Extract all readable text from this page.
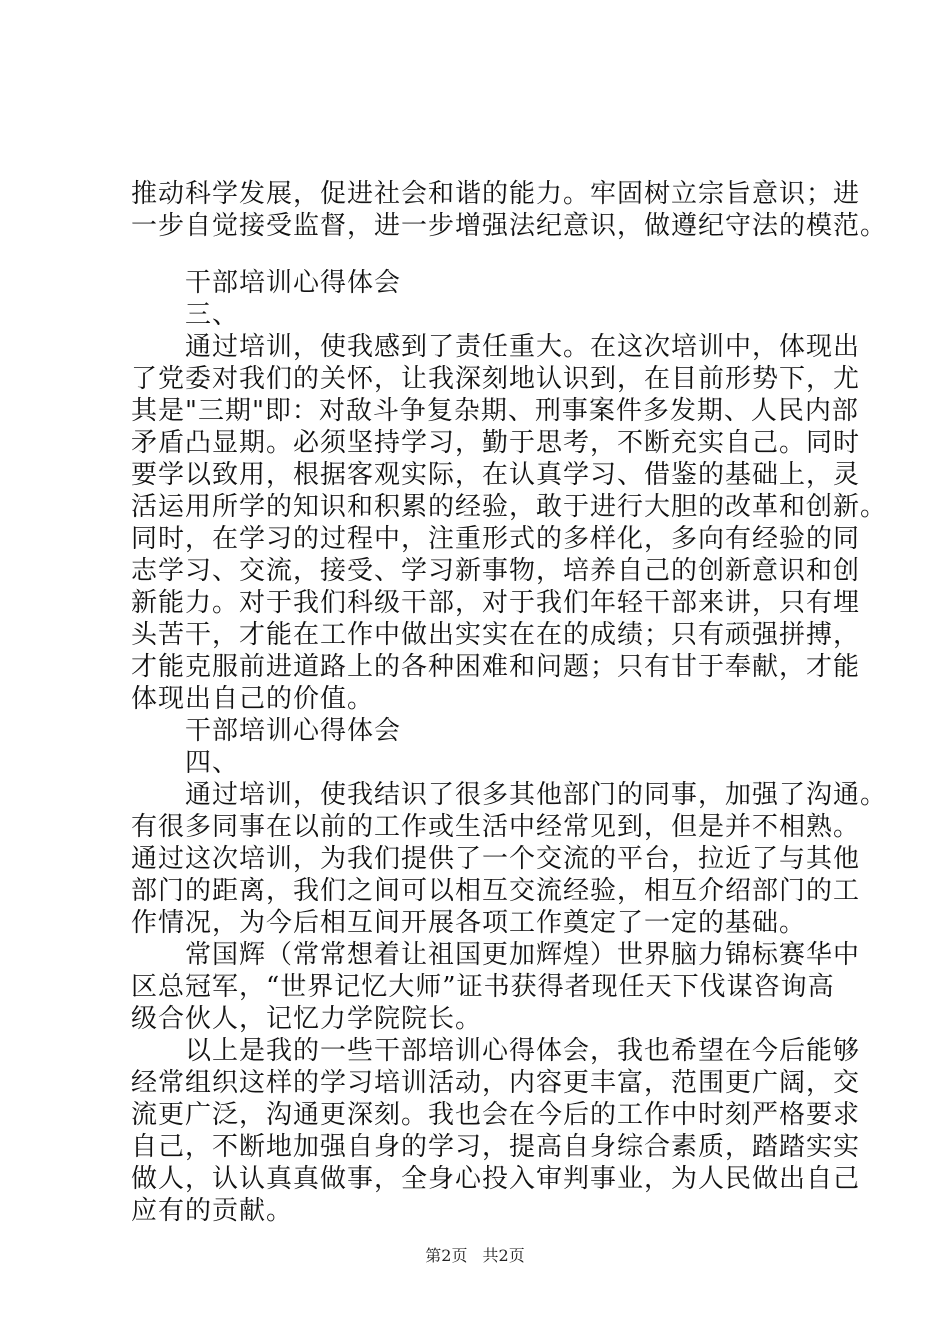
推动科学发展，促进社会和谐的能力。牢固树立宗旨意识；进
一步自觉接受监督，进一步增强法纪意识，做遵纪守法的模范。
干部培训心得体会
三、
通过培训，使我感到了责任重大。在这次培训中，体现出
了党委对我们的关怀，让我深刻地认识到，在目前形势下，尤
其是"三期"即：对敌斗争复杂期、刑事案件多发期、人民内部
矛盾凸显期。必须坚持学习，勤于思考，不断充实自己。同时
要学以致用，根据客观实际，在认真学习、借鉴的基础上，灵
活运用所学的知识和积累的经验，敢于进行大胆的改革和创新。
同时，在学习的过程中，注重形式的多样化，多向有经验的同
志学习、交流，接受、学习新事物，培养自己的创新意识和创
新能力。对于我们科级干部，对于我们年轻干部来讲，只有埋
头苦干，才能在工作中做出实实在在的成绩；只有顽强拼搏，
才能克服前进道路上的各种困难和问题；只有甘于奉献，才能
体现出自己的价值。
干部培训心得体会
四、
通过培训，使我结识了很多其他部门的同事，加强了沟通。
有很多同事在以前的工作或生活中经常见到，但是并不相熟。
通过这次培训，为我们提供了一个交流的平台，拉近了与其他
部门的距离，我们之间可以相互交流经验，相互介绍部门的工
作情况，为今后相互间开展各项工作奠定了一定的基础。
常国辉（常常想着让祖国更加辉煌）世界脑力锦标赛华中
区总冠军，“世界记忆大师”证书获得者现任天下伐谋咨询高
级合伙人，记忆力学院院长。
以上是我的一些干部培训心得体会，我也希望在今后能够
经常组织这样的学习培训活动，内容更丰富，范围更广阔，交
流更广泛，沟通更深刻。我也会在今后的工作中时刻严格要求
自己，不断地加强自身的学习，提高自身综合素质，踏踏实实
做人，认认真真做事，全身心投入审判事业，为人民做出自己
应有的贡献。
第2页 共2页
